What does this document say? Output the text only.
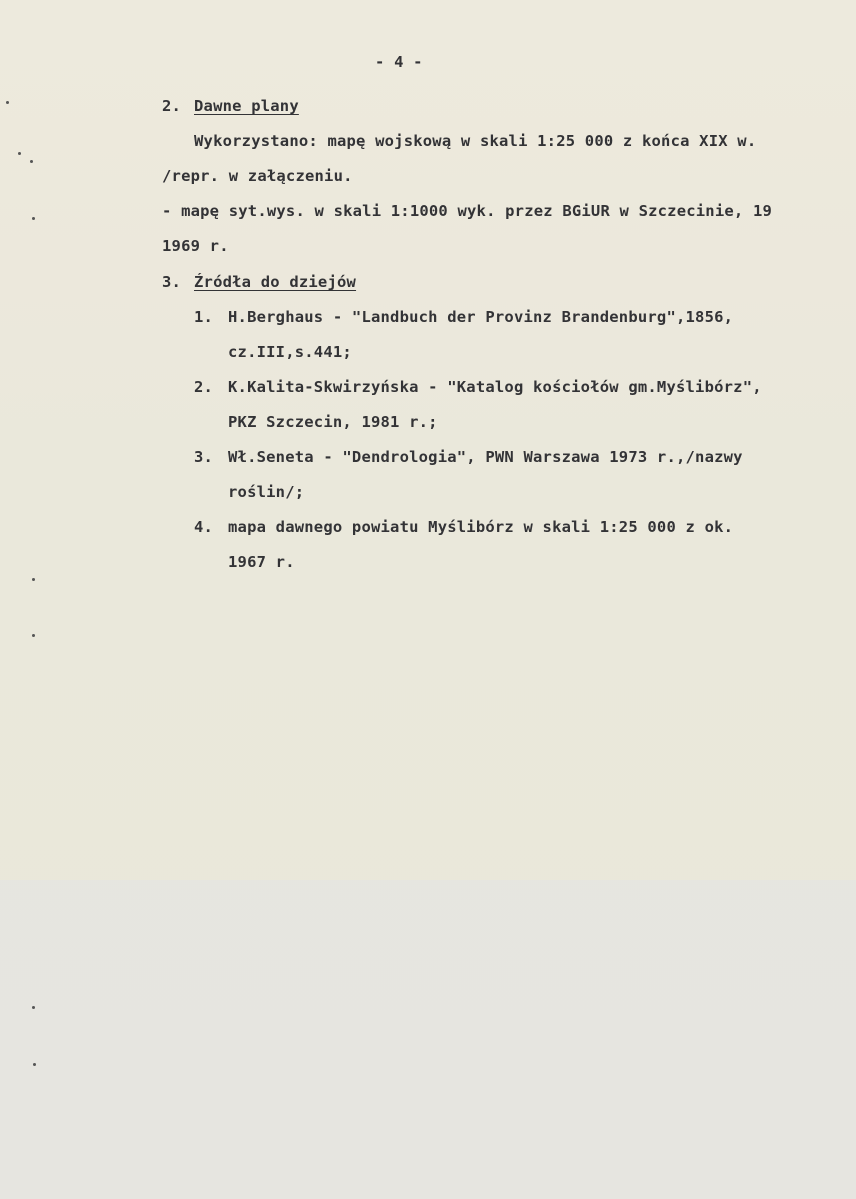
- 4 -
2. Dawne plany
Wykorzystano: mapę wojskową w skali 1:25 000 z końca XIX w.
/repr. w załączeniu.
- mapę syt.wys. w skali 1:1000 wyk. przez BGiUR w Szczecinie, 19
1969 r.
3. Źródła do dziejów
1. H.Berghaus - "Landbuch der Provinz Brandenburg",1856,
cz.III,s.441;
2. K.Kalita-Skwirzyńska - "Katalog kościołów gm.Myślibórz",
PKZ Szczecin, 1981 r.;
3. Wł.Seneta - "Dendrologia", PWN Warszawa 1973 r.,/nazwy
roślin/;
4. mapa dawnego powiatu Myślibórz w skali 1:25 000 z ok.
1967 r.
